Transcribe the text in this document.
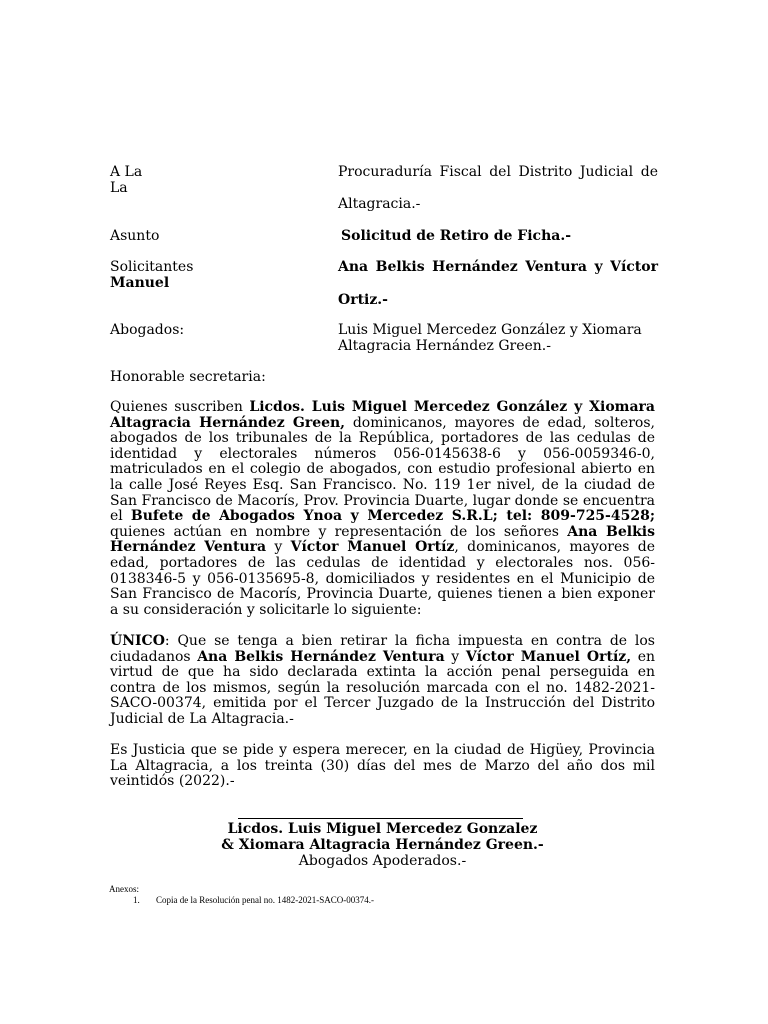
A La
La
Procuraduría Fiscal del Distrito Judicial de
Altagracia.-
Asunto	Solicitud de Retiro de Ficha.-
Solicitantes
Manuel
Ana Belkis Hernández Ventura y Víctor
Ortiz.-
Abogados:	Luis Miguel Mercedez González y Xiomara
Altagracia Hernández Green.-
Honorable secretaria:
Quienes suscriben Licdos. Luis Miguel Mercedez González y Xiomara Altagracia Hernández Green, dominicanos, mayores de edad, solteros, abogados de los tribunales de la República, portadores de las cedulas de identidad y electorales números 056-0145638-6 y 056-0059346-0, matriculados en el colegio de abogados, con estudio profesional abierto en la calle José Reyes Esq. San Francisco. No. 119 1er nivel, de la ciudad de San Francisco de Macorís, Prov. Provincia Duarte, lugar donde se encuentra el Bufete de Abogados Ynoa y Mercedez S.R.L; tel: 809-725-4528; quienes actúan en nombre y representación de los señores Ana Belkis Hernández Ventura y Víctor Manuel Ortíz, dominicanos, mayores de edad, portadores de las cedulas de identidad y electorales nos. 056-0138346-5 y 056-0135695-8, domiciliados y residentes en el Municipio de San Francisco de Macorís, Provincia Duarte, quienes tienen a bien exponer a su consideración y solicitarle lo siguiente:
ÚNICO: Que se tenga a bien retirar la ficha impuesta en contra de los ciudadanos Ana Belkis Hernández Ventura y Víctor Manuel Ortíz, en virtud de que ha sido declarada extinta la acción penal perseguida en contra de los mismos, según la resolución marcada con el no. 1482-2021-SACO-00374, emitida por el Tercer Juzgado de la Instrucción del Distrito Judicial de La Altagracia.-
Es Justicia que se pide y espera merecer, en la ciudad de Higüey, Provincia La Altagracia, a los treinta (30) días del mes de Marzo del año dos mil veintidós (2022).-
Licdos. Luis Miguel Mercedez Gonzalez
& Xiomara Altagracia Hernández Green.-
Abogados Apoderados.-
Anexos:
1. Copia de la Resolución penal no. 1482-2021-SACO-00374.-
